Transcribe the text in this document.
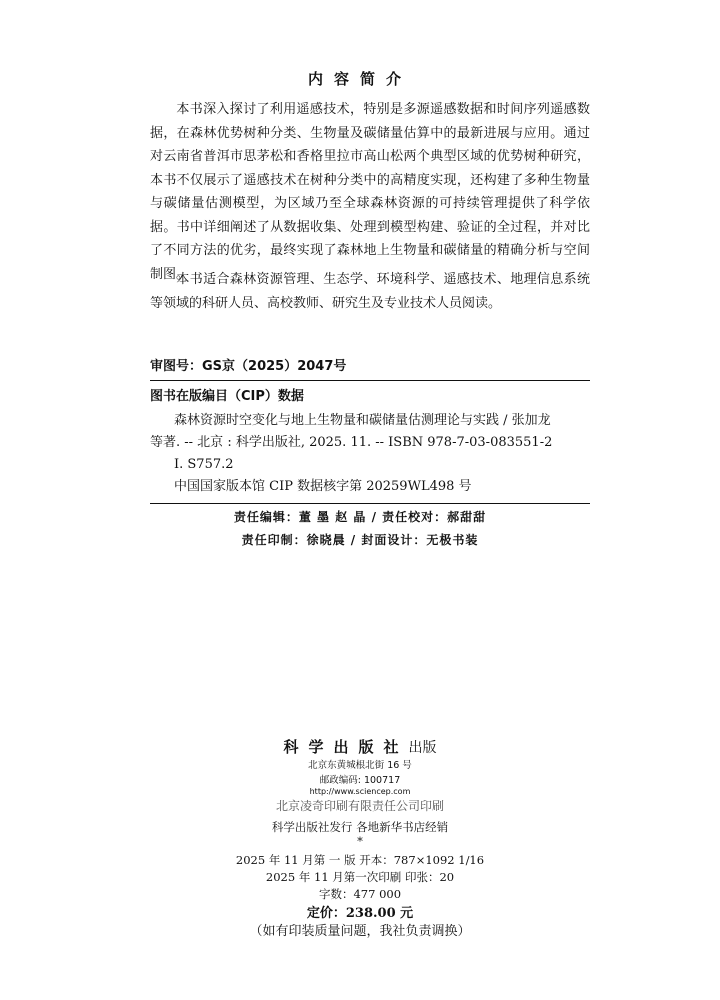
内容简介

本书深入探讨了利用遥感技术，特别是多源遥感数据和时间序列遥感数据，在森林优势树种分类、生物量及碳储量估算中的最新进展与应用。通过对云南省普洱市思茅松和香格里拉市高山松两个典型区域的优势树种研究，本书不仅展示了遥感技术在树种分类中的高精度实现，还构建了多种生物量与碳储量估测模型，为区域乃至全球森林资源的可持续管理提供了科学依据。书中详细阐述了从数据收集、处理到模型构建、验证的全过程，并对比了不同方法的优劣，最终实现了森林地上生物量和碳储量的精确分析与空间制图。

本书适合森林资源管理、生态学、环境科学、遥感技术、地理信息系统等领域的科研人员、高校教师、研究生及专业技术人员阅读。

审图号：GS京（2025）2047号
图书在版编目（CIP）数据
森林资源时空变化与地上生物量和碳储量估测理论与实践 / 张加龙
等著. -- 北京 : 科学出版社, 2025. 11. -- ISBN 978-7-03-083551-2
Ⅰ. S757.2
中国国家版本馆 CIP 数据核字第 20259WL498 号
责任编辑：董 墨 赵 晶 / 责任校对：郝甜甜
责任印制：徐晓晨 / 封面设计：无极书装
科学出版社出版
北京东黄城根北街 16 号
邮政编码: 100717
http://www.sciencep.com
北京凌奇印刷有限责任公司印刷
科学出版社发行 各地新华书店经销
*
2025 年 11 月第 一 版 开本：787×1092 1/16
2025 年 11 月第一次印刷 印张：20
字数：477 000
定价：238.00 元
（如有印装质量问题，我社负责调换）
